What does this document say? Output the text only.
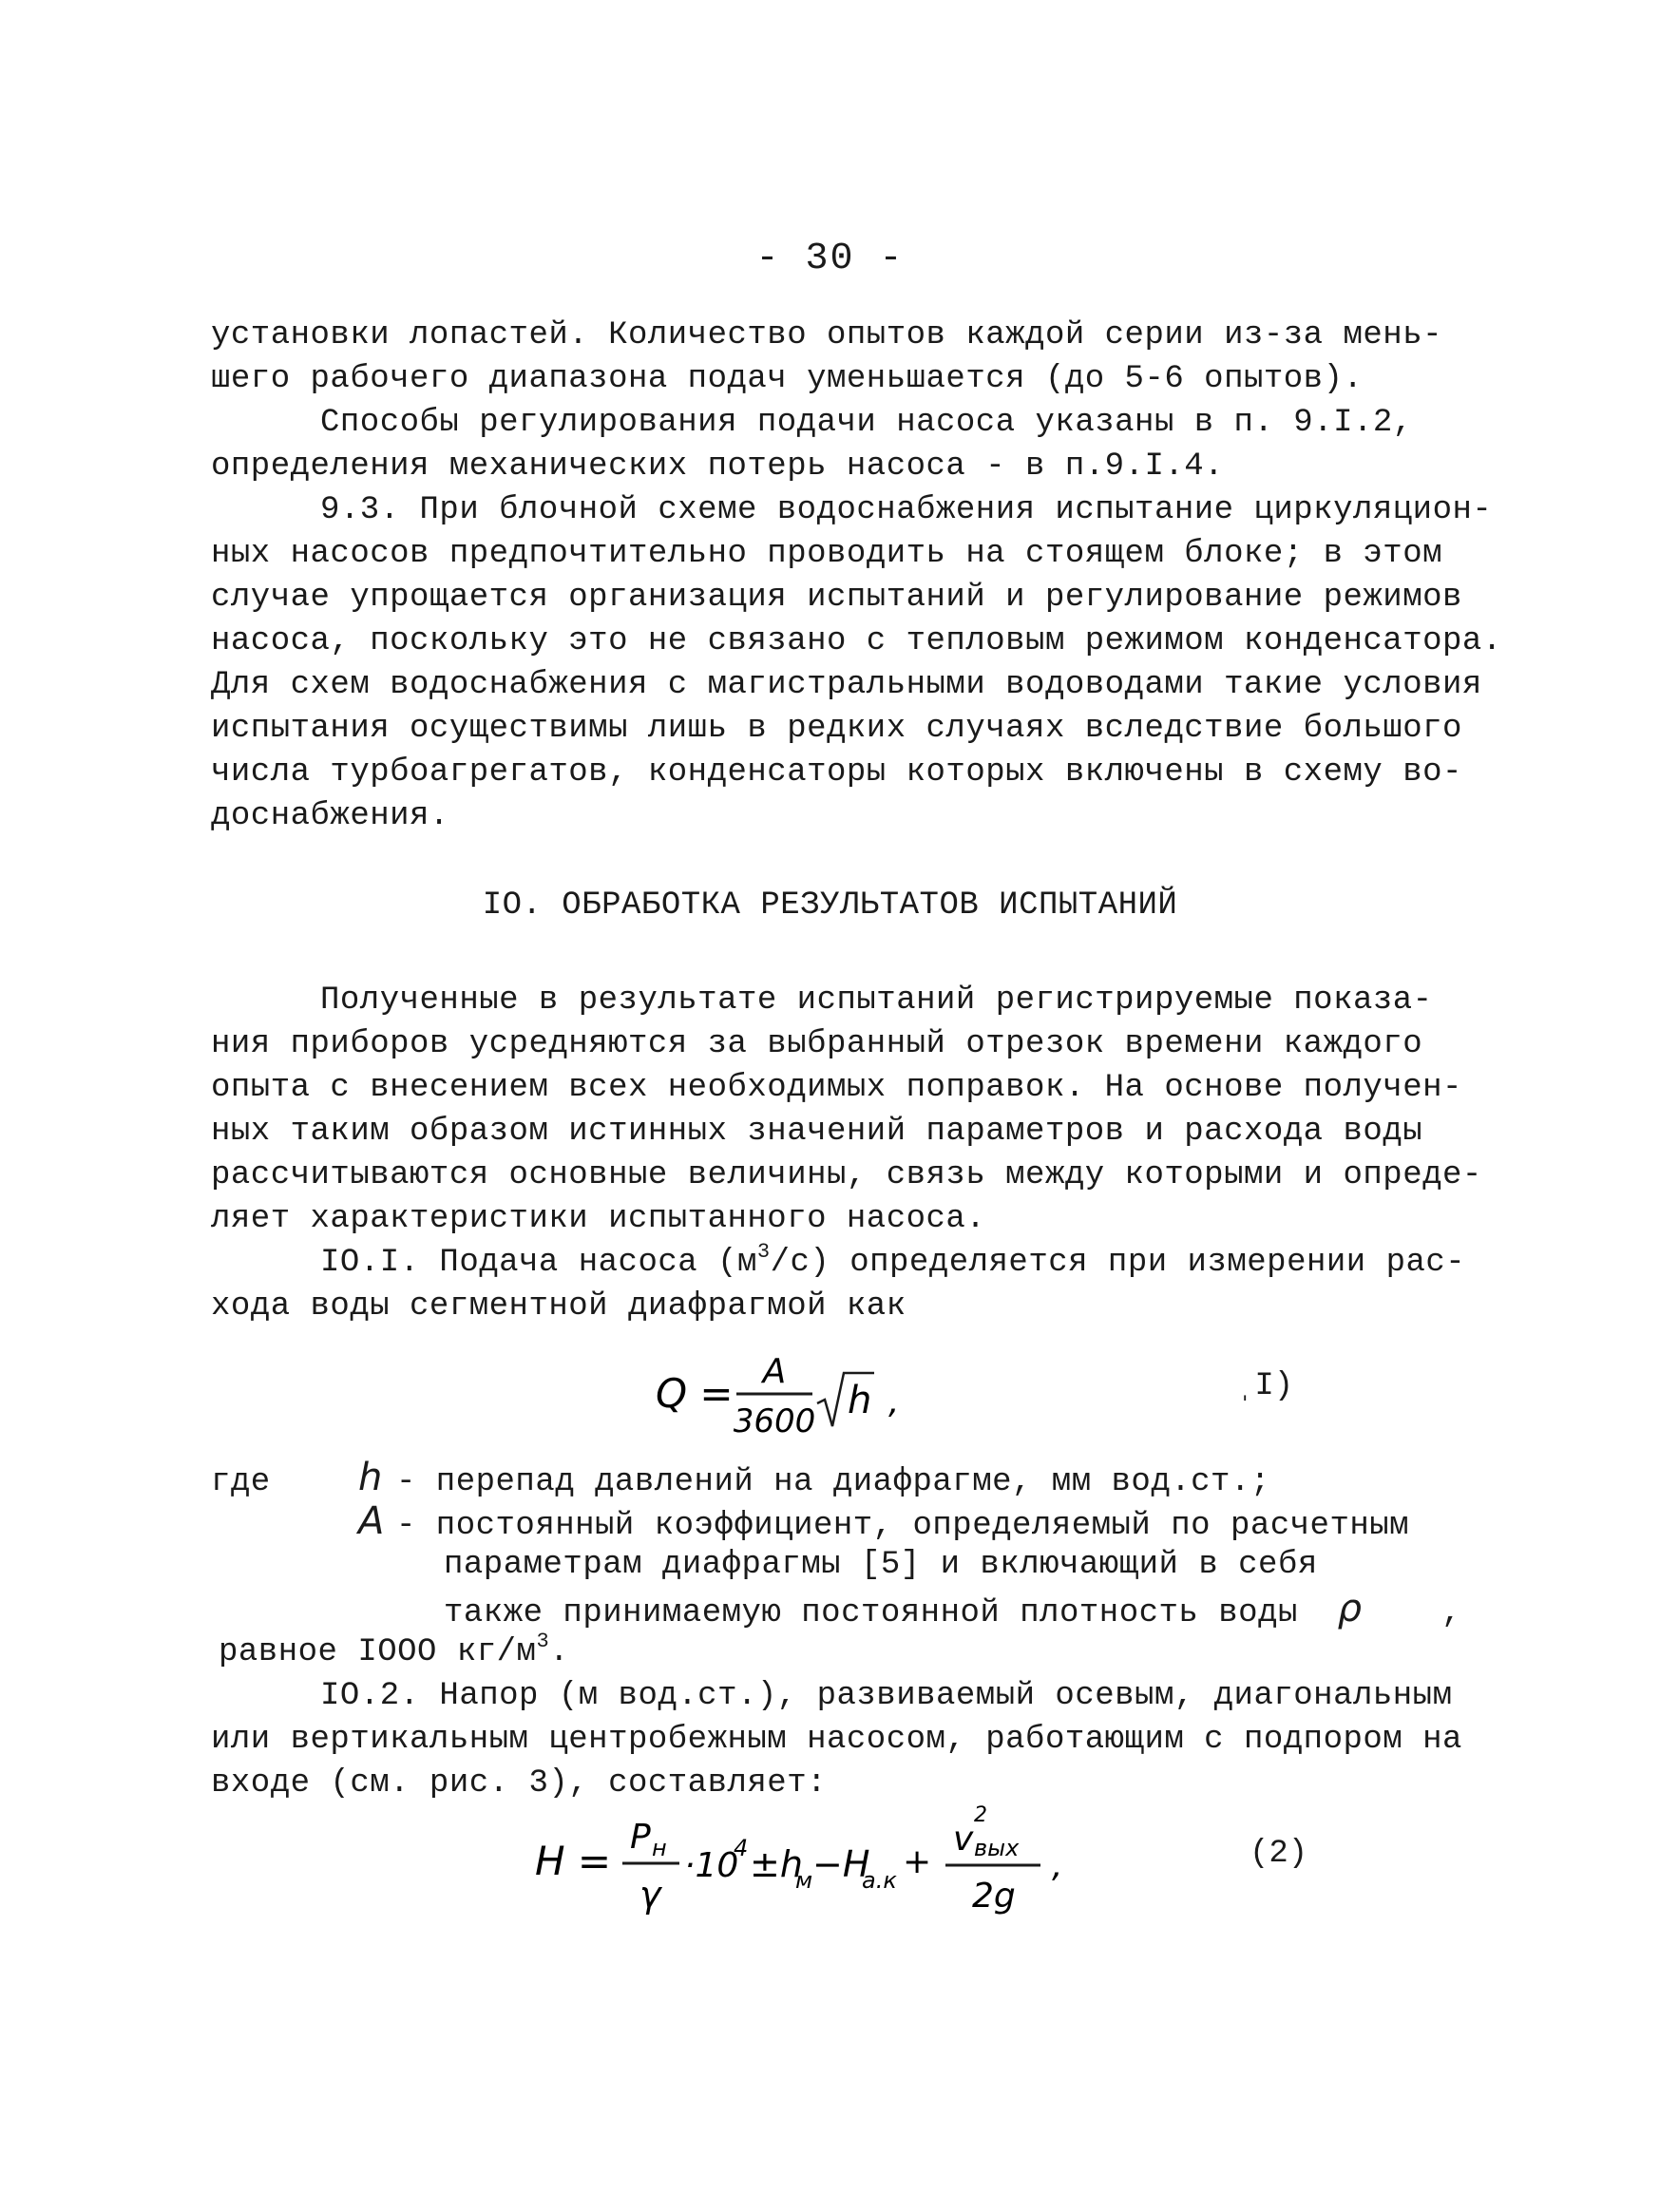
- 30 -
установки лопастей. Количество опытов каждой серии из-за мень-
шего рабочего диапазона подач уменьшается (до 5-6 опытов).
Способы регулирования подачи насоса указаны в п. 9.I.2,
определения механических потерь насоса - в п.9.I.4.
9.3. При блочной схеме водоснабжения испытание циркуляцион-
ных насосов предпочтительно проводить на стоящем блоке; в этом
случае упрощается организация испытаний и регулирование режимов
насоса, поскольку это не связано с тепловым режимом конденсатора.
Для схем водоснабжения с магистральными водоводами такие условия
испытания осуществимы лишь в редких случаях вследствие большого
числа турбоагрегатов, конденсаторы которых включены в схему во-
доснабжения.
IO. ОБРАБОТКА РЕЗУЛЬТАТОВ ИСПЫТАНИЙ
Полученные в результате испытаний регистрируемые показа-
ния приборов усредняются за выбранный отрезок времени каждого
опыта с внесением всех необходимых поправок. На основе получен-
ных таким образом истинных значений параметров и расхода воды
рассчитываются основные величины, связь между которыми и опреде-
ляет характеристики испытанного насоса.
IO.I. Подача насоса $(м^3/с)$ определяется при измерении рас-
хода воды сегментной диафрагмой как
Q = A
3600 h ,	ˌI)
где h - перепад давлений на диафрагме, мм вод.ст.;
A - постоянный коэффициент, определяемый по расчетным
параметрам диафрагмы [5] и включающий в себя
также принимаемую постоянной плотность воды ρ ,
равное IOOO $кг/м^3$.
IO.2. Напор (м вод.ст.), развиваемый осевым, диагональным
или вертикальным центробежным насосом, работающим с подпором на
входе (см. рис. 3), составляет:
H =
P н
γ
·10
4 ±h
м −H
a.к +
v
2
вых
2g
,	(2)
